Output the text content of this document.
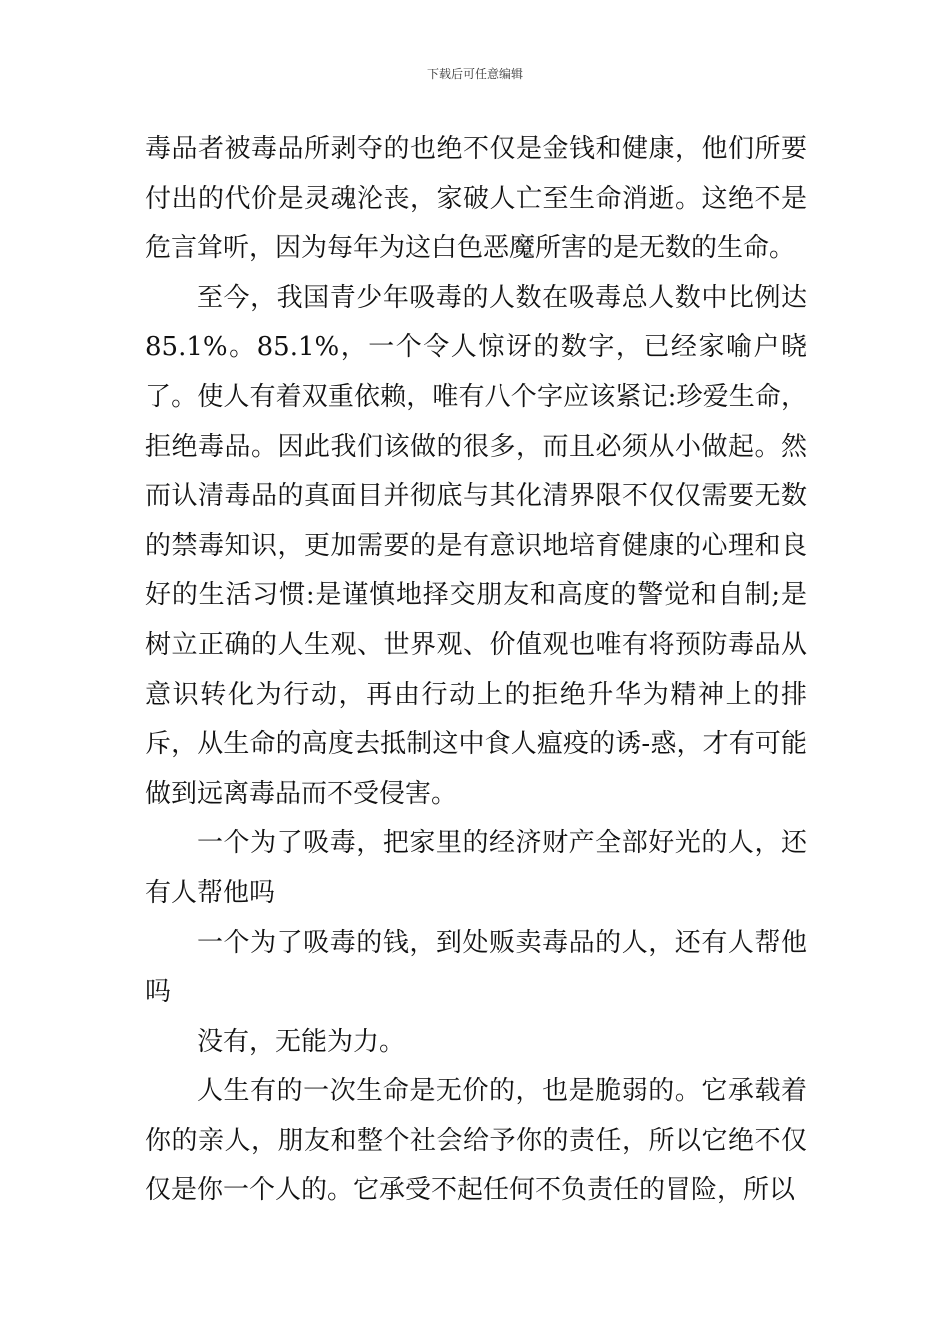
下载后可任意编辑

毒品者被毒品所剥夺的也绝不仅是金钱和健康，他们所要付出的代价是灵魂沦丧，家破人亡至生命消逝。这绝不是危言耸听，因为每年为这白色恶魔所害的是无数的生命。

至今，我国青少年吸毒的人数在吸毒总人数中比例达85.1%。85.1%，一个令人惊讶的数字，已经家喻户晓了。使人有着双重依赖，唯有八个字应该紧记:珍爱生命，拒绝毒品。因此我们该做的很多，而且必须从小做起。然而认清毒品的真面目并彻底与其化清界限不仅仅需要无数的禁毒知识，更加需要的是有意识地培育健康的心理和良好的生活习惯:是谨慎地择交朋友和高度的警觉和自制;是树立正确的人生观、世界观、价值观也唯有将预防毒品从意识转化为行动，再由行动上的拒绝升华为精神上的排斥，从生命的高度去抵制这中食人瘟疫的诱-惑，才有可能做到远离毒品而不受侵害。

一个为了吸毒，把家里的经济财产全部好光的人，还有人帮他吗

一个为了吸毒的钱，到处贩卖毒品的人，还有人帮他吗

没有，无能为力。

人生有的一次生命是无价的，也是脆弱的。它承载着你的亲人，朋友和整个社会给予你的责任，所以它绝不仅仅是你一个人的。它承受不起任何不负责任的冒险，所以
